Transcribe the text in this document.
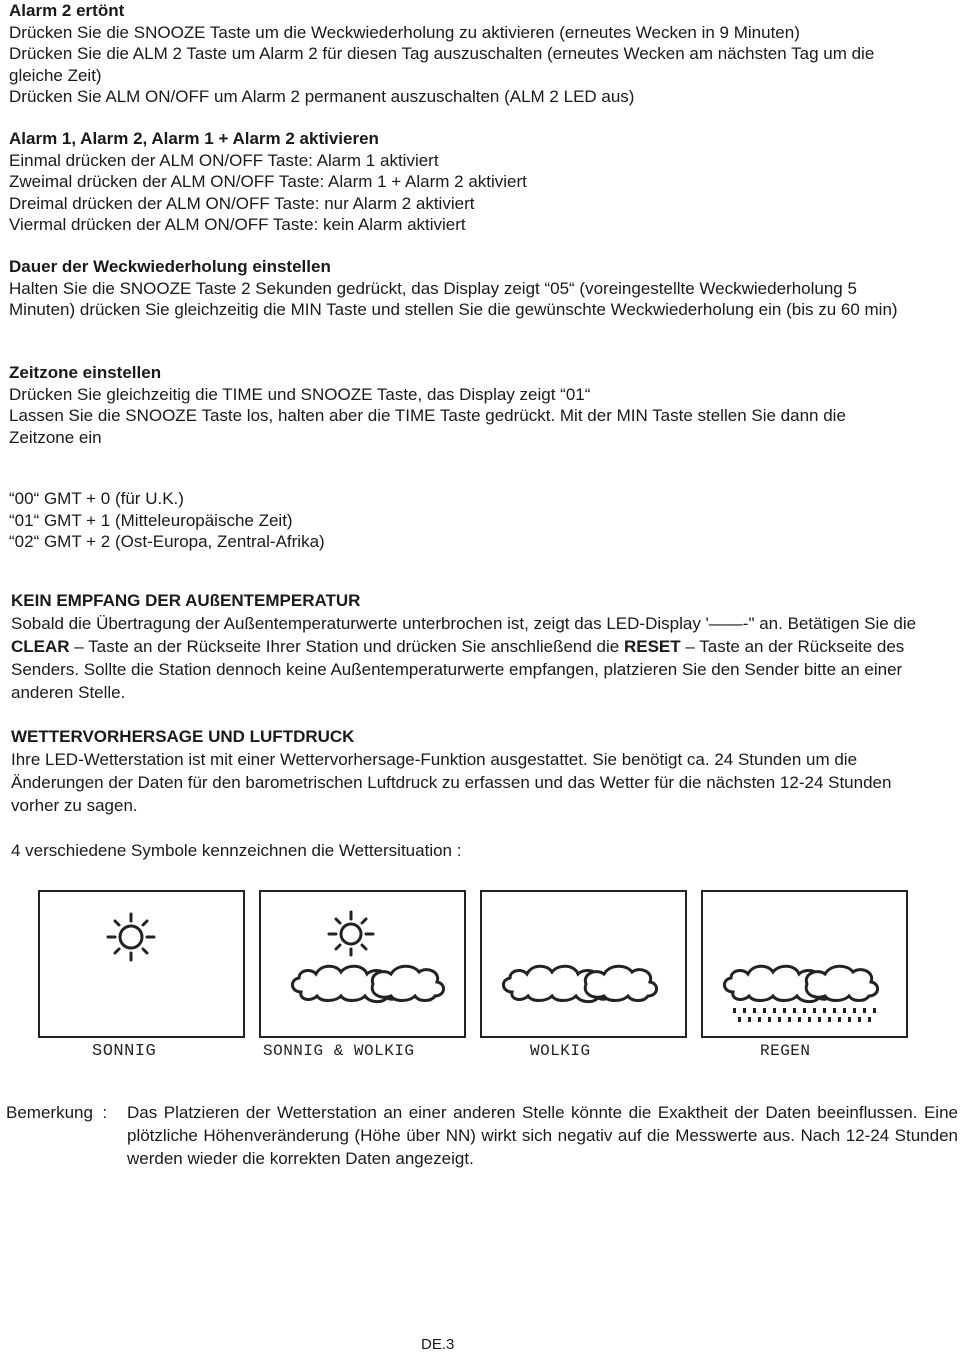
Alarm 2 ertönt

Drücken Sie die SNOOZE Taste um die Weckwiederholung zu aktivieren (erneutes Wecken in 9 Minuten)

Drücken Sie die ALM 2 Taste um Alarm 2 für diesen Tag auszuschalten (erneutes Wecken am nächsten Tag um die gleiche Zeit)

Drücken Sie ALM ON/OFF um Alarm 2 permanent auszuschalten (ALM 2 LED aus)

Alarm 1, Alarm 2, Alarm 1 + Alarm 2 aktivieren

Einmal drücken der ALM ON/OFF Taste: Alarm 1 aktiviert

Zweimal drücken der ALM ON/OFF Taste: Alarm 1 + Alarm 2 aktiviert

Dreimal drücken der ALM ON/OFF Taste: nur Alarm 2 aktiviert

Viermal drücken der ALM ON/OFF Taste: kein Alarm aktiviert

Dauer der Weckwiederholung einstellen

Halten Sie die SNOOZE Taste 2 Sekunden gedrückt, das Display zeigt “05“ (voreingestellte Weckwiederholung 5 Minuten) drücken Sie gleichzeitig die MIN Taste und stellen Sie die gewünschte Weckwiederholung ein (bis zu 60 min)

Zeitzone einstellen

Drücken Sie gleichzeitig die TIME und SNOOZE Taste, das Display zeigt “01“

Lassen Sie die SNOOZE Taste los, halten aber die TIME Taste gedrückt. Mit der MIN Taste stellen Sie dann die Zeitzone ein

“00“ GMT + 0 (für U.K.)

“01“ GMT + 1 (Mitteleuropäische Zeit)

“02“ GMT + 2 (Ost-Europa, Zentral-Afrika)

KEIN EMPFANG DER AUßENTEMPERATUR

Sobald die Übertragung der Außentemperaturwerte unterbrochen ist, zeigt das LED-Display '——-" an. Betätigen Sie die CLEAR – Taste an der Rückseite Ihrer Station und drücken Sie anschließend die RESET – Taste an der Rückseite des Senders. Sollte die Station dennoch keine Außentemperaturwerte empfangen, platzieren Sie den Sender bitte an einer anderen Stelle.

WETTERVORHERSAGE UND LUFTDRUCK

Ihre LED-Wetterstation ist mit einer Wettervorhersage-Funktion ausgestattet. Sie benötigt ca. 24 Stunden um die Änderungen der Daten für den barometrischen Luftdruck zu erfassen und das Wetter für die nächsten 12-24 Stunden vorher zu sagen.

4 verschiedene Symbole kennzeichnen die Wettersituation :

SONNIG	SONNIG & WOLKIG	WOLKIG	REGEN
Bemerkung  : Das Platzieren der Wetterstation an einer anderen Stelle könnte die Exaktheit der Daten beeinflussen. Eine plötzliche Höhenveränderung (Höhe über NN) wirkt sich negativ auf die Messwerte aus. Nach 12-24 Stunden werden wieder die korrekten Daten angezeigt.

DE.3
